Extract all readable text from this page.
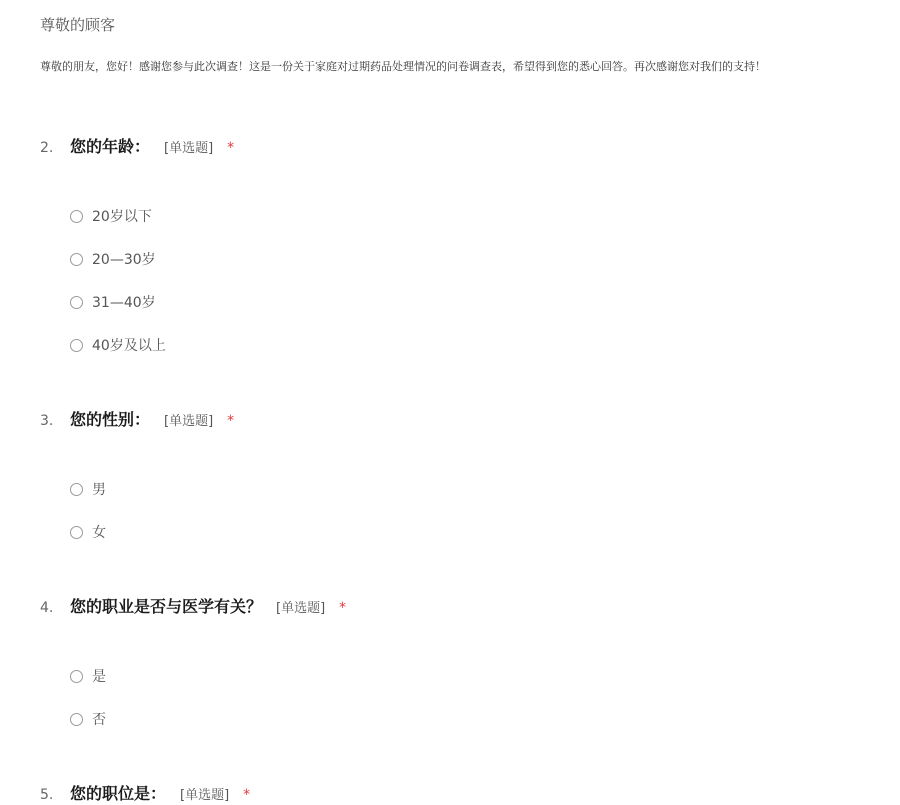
尊敬的顾客
尊敬的朋友，您好！感谢您参与此次调查！这是一份关于家庭对过期药品处理情况的问卷调查表，希望得到您的悉心回答。再次感谢您对我们的支持！
2.	您的年龄： [单选题] *
20岁以下
20—30岁
31—40岁
40岁及以上
3.	您的性别： [单选题] *
男
女
4.	您的职业是否与医学有关？ [单选题] *
是
否
5.	您的职位是： [单选题] *
